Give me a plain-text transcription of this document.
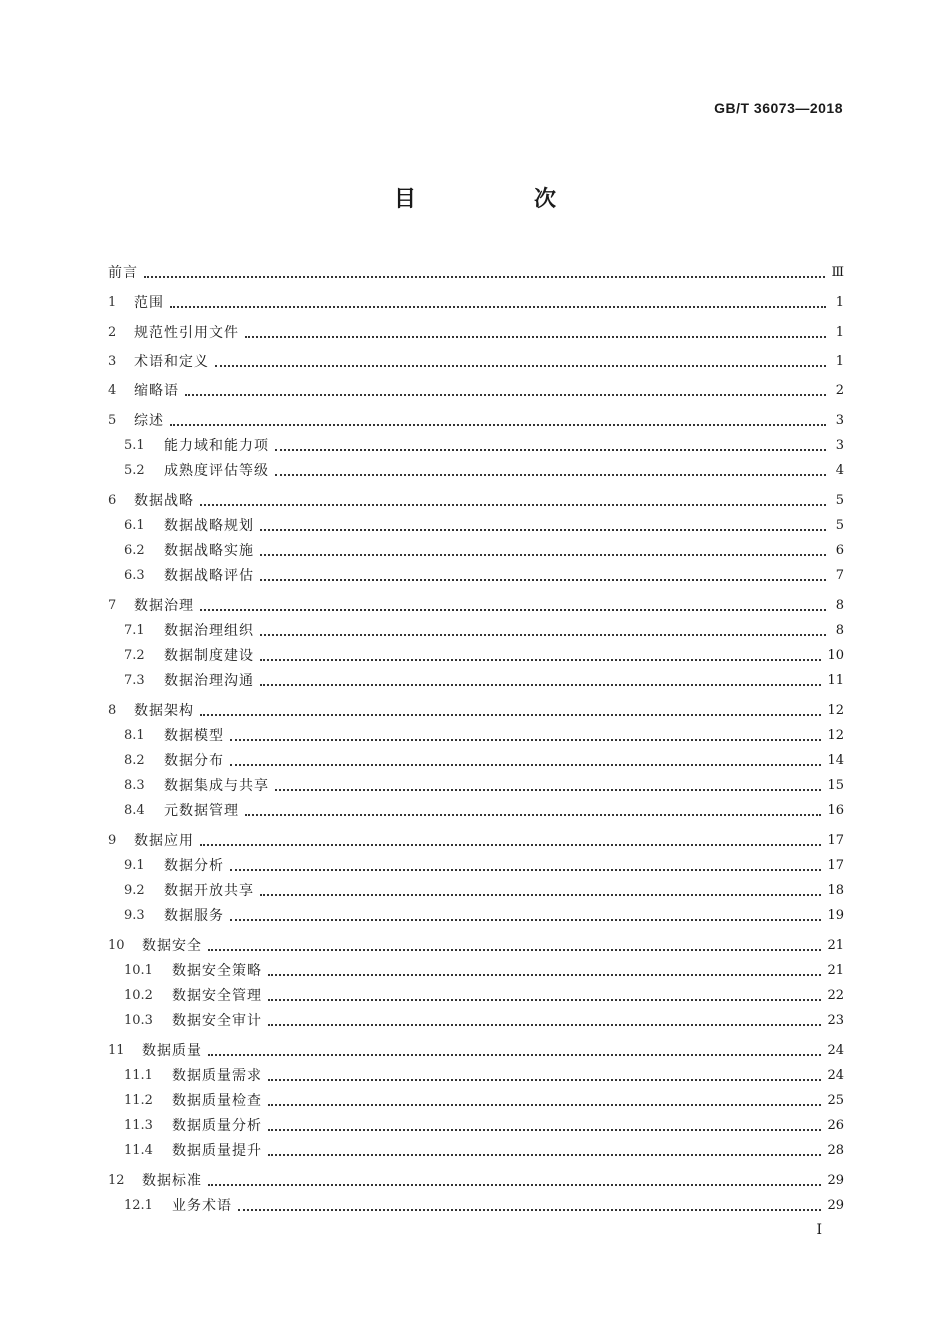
GB/T 36073—2018
目　次
前言	Ⅲ
1	范围	1
2	规范性引用文件	1
3	术语和定义	1
4	缩略语	2
5	综述	3
5.1	能力域和能力项	3
5.2	成熟度评估等级	4
6	数据战略	5
6.1	数据战略规划	5
6.2	数据战略实施	6
6.3	数据战略评估	7
7	数据治理	8
7.1	数据治理组织	8
7.2	数据制度建设	10
7.3	数据治理沟通	11
8	数据架构	12
8.1	数据模型	12
8.2	数据分布	14
8.3	数据集成与共享	15
8.4	元数据管理	16
9	数据应用	17
9.1	数据分析	17
9.2	数据开放共享	18
9.3	数据服务	19
10	数据安全	21
10.1	数据安全策略	21
10.2	数据安全管理	22
10.3	数据安全审计	23
11	数据质量	24
11.1	数据质量需求	24
11.2	数据质量检查	25
11.3	数据质量分析	26
11.4	数据质量提升	28
12	数据标准	29
12.1	业务术语	29
I
